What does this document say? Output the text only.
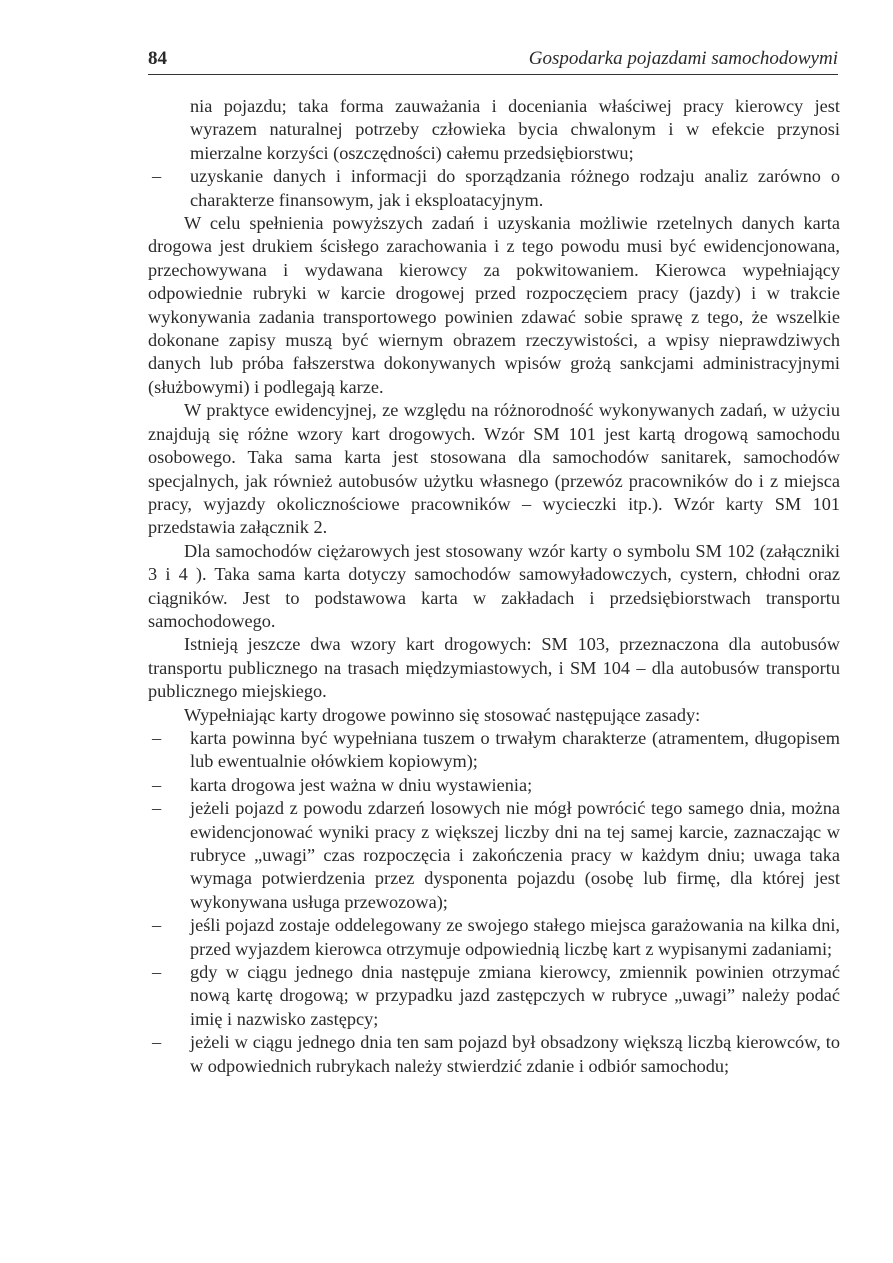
84	Gospodarka pojazdami samochodowymi

nia pojazdu; taka forma zauważania i doceniania właściwej pracy kierowcy jest wyrazem naturalnej potrzeby człowieka bycia chwalonym i w efekcie przynosi mierzalne korzyści (oszczędności) całemu przedsiębiorstwu;

– uzyskanie danych i informacji do sporządzania różnego rodzaju analiz zarówno o charakterze finansowym, jak i eksploatacyjnym.

W celu spełnienia powyższych zadań i uzyskania możliwie rzetelnych danych karta drogowa jest drukiem ścisłego zarachowania i z tego powodu musi być ewidencjonowana, przechowywana i wydawana kierowcy za pokwitowaniem. Kierowca wypełniający odpowiednie rubryki w karcie drogowej przed rozpoczęciem pracy (jazdy) i w trakcie wykonywania zadania transportowego powinien zdawać sobie sprawę z tego, że wszelkie dokonane zapisy muszą być wiernym obrazem rzeczywistości, a wpisy nieprawdziwych danych lub próba fałszerstwa dokonywanych wpisów grożą sankcjami administracyjnymi (służbowymi) i podlegają karze.

W praktyce ewidencyjnej, ze względu na różnorodność wykonywanych zadań, w użyciu znajdują się różne wzory kart drogowych. Wzór SM 101 jest kartą drogową samochodu osobowego. Taka sama karta jest stosowana dla samochodów sanitarek, samochodów specjalnych, jak również autobusów użytku własnego (przewóz pracowników do i z miejsca pracy, wyjazdy okolicznościowe pracowników – wycieczki itp.). Wzór karty SM 101 przedstawia załącznik 2.

Dla samochodów ciężarowych jest stosowany wzór karty o symbolu SM 102 (załączniki 3 i 4 ). Taka sama karta dotyczy samochodów samowyładowczych, cystern, chłodni oraz ciągników. Jest to podstawowa karta w zakładach i przedsiębiorstwach transportu samochodowego.

Istnieją jeszcze dwa wzory kart drogowych: SM 103, przeznaczona dla autobusów transportu publicznego na trasach międzymiastowych, i SM 104 – dla autobusów transportu publicznego miejskiego.

Wypełniając karty drogowe powinno się stosować następujące zasady:

– karta powinna być wypełniana tuszem o trwałym charakterze (atramentem, długopisem lub ewentualnie ołówkiem kopiowym);
– karta drogowa jest ważna w dniu wystawienia;
– jeżeli pojazd z powodu zdarzeń losowych nie mógł powrócić tego samego dnia, można ewidencjonować wyniki pracy z większej liczby dni na tej samej karcie, zaznaczając w rubryce „uwagi” czas rozpoczęcia i zakończenia pracy w każdym dniu; uwaga taka wymaga potwierdzenia przez dysponenta pojazdu (osobę lub firmę, dla której jest wykonywana usługa przewozowa);
– jeśli pojazd zostaje oddelegowany ze swojego stałego miejsca garażowania na kilka dni, przed wyjazdem kierowca otrzymuje odpowiednią liczbę kart z wypisanymi zadaniami;
– gdy w ciągu jednego dnia następuje zmiana kierowcy, zmiennik powinien otrzymać nową kartę drogową; w przypadku jazd zastępczych w rubryce „uwagi” należy podać imię i nazwisko zastępcy;
– jeżeli w ciągu jednego dnia ten sam pojazd był obsadzony większą liczbą kierowców, to w odpowiednich rubrykach należy stwierdzić zdanie i odbiór samochodu;
